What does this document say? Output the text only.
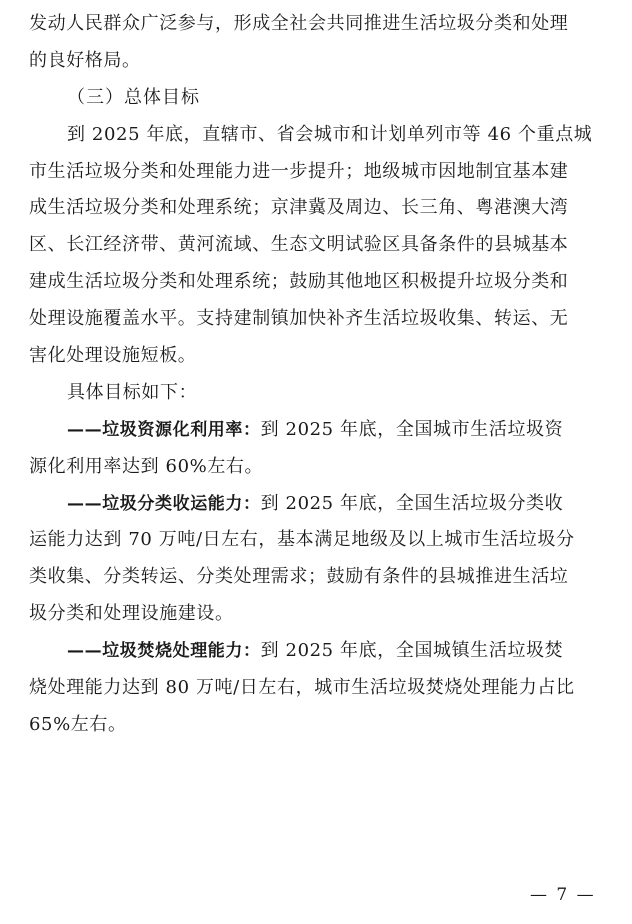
发动人民群众广泛参与，形成全社会共同推进生活垃圾分类和处理
的良好格局。
（三）总体目标
到 2025 年底，直辖市、省会城市和计划单列市等 46 个重点城
市生活垃圾分类和处理能力进一步提升；地级城市因地制宜基本建
成生活垃圾分类和处理系统；京津冀及周边、长三角、粤港澳大湾
区、长江经济带、黄河流域、生态文明试验区具备条件的县城基本
建成生活垃圾分类和处理系统；鼓励其他地区积极提升垃圾分类和
处理设施覆盖水平。支持建制镇加快补齐生活垃圾收集、转运、无
害化处理设施短板。
具体目标如下：
——垃圾资源化利用率：到 2025 年底，全国城市生活垃圾资
源化利用率达到 60%左右。
——垃圾分类收运能力：到 2025 年底，全国生活垃圾分类收
运能力达到 70 万吨/日左右，基本满足地级及以上城市生活垃圾分
类收集、分类转运、分类处理需求；鼓励有条件的县城推进生活垃
圾分类和处理设施建设。
——垃圾焚烧处理能力：到 2025 年底，全国城镇生活垃圾焚
烧处理能力达到 80 万吨/日左右，城市生活垃圾焚烧处理能力占比
65%左右。
— 7 —
